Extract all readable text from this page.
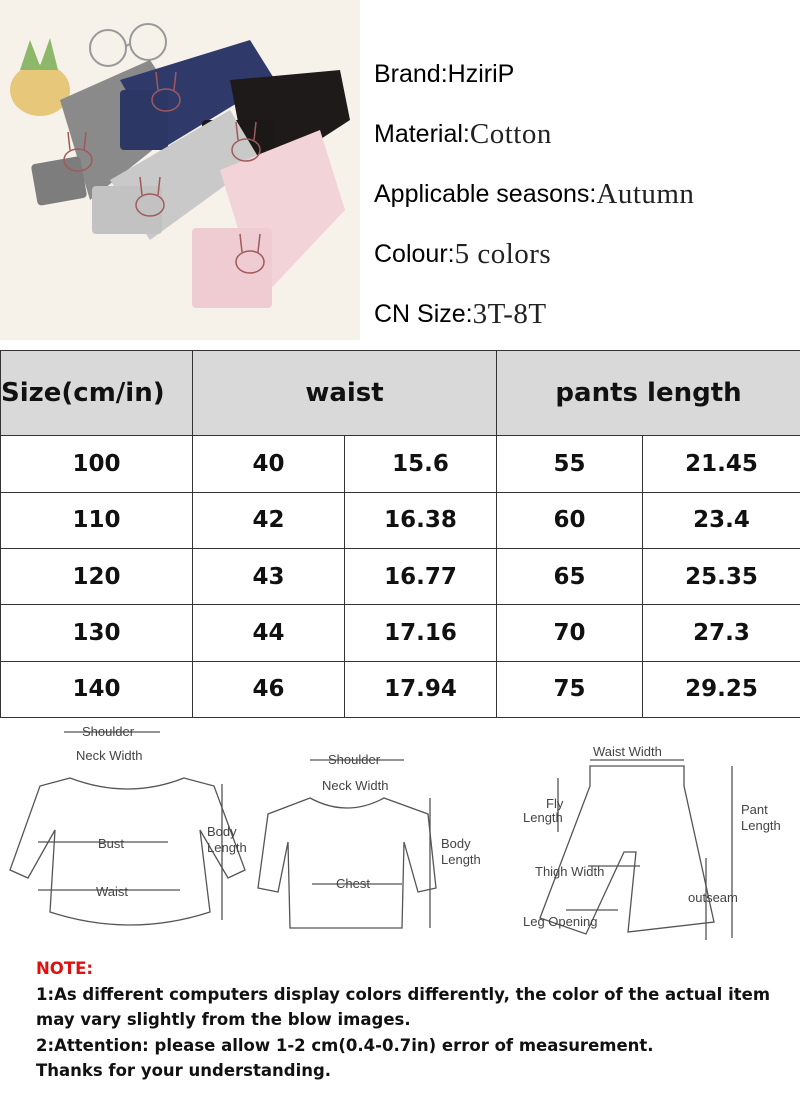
Brand: HziriP
Material: Cotton
Applicable seasons: Autumn
Colour: 5 colors
CN Size: 3T-8T
Size(cm/in)	waist		pants length	
100	40	15.6	55	21.45
110	42	16.38	60	23.4
120	43	16.77	65	25.35
130	44	17.16	70	27.3
140	46	17.94	75	29.25
Shoulder
Neck Width
Bust
Waist
Body
Length
Shoulder
Neck Width
Chest
Body
Length
Waist Width
Fly
Length
Pant
Length
Thigh Width
outseam
Leg Opening
NOTE:
1:As different computers display colors differently, the color of the actual item may vary slightly from the blow images.
2:Attention: please allow 1-2 cm(0.4-0.7in) error of measurement.
Thanks for your understanding.
